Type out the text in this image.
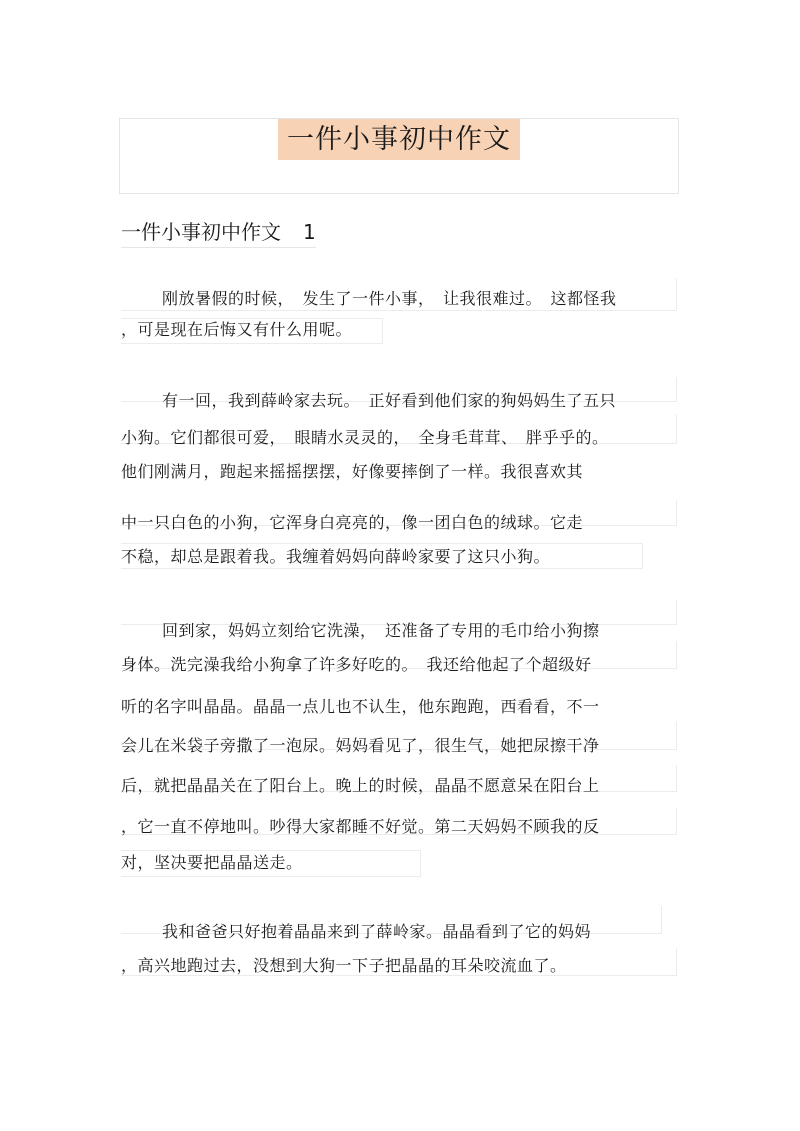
一件小事初中作文
一件小事初中作文 1
刚放暑假的时候，　发生了一件小事，　让我很难过。　这都怪我
，可是现在后悔又有什么用呢。
有一回，我到薛岭家去玩。　正好看到他们家的狗妈妈生了五只
小狗。它们都很可爱，　眼睛水灵灵的，　全身毛茸茸、　胖乎乎的。
他们刚满月，跑起来摇摇摆摆，好像要摔倒了一样。我很喜欢其
中一只白色的小狗，它浑身白亮亮的，像一团白色的绒球。它走
不稳，却总是跟着我。我缠着妈妈向薛岭家要了这只小狗。
回到家，妈妈立刻给它洗澡，　还准备了专用的毛巾给小狗擦
身体。洗完澡我给小狗拿了许多好吃的。　我还给他起了个超级好
听的名字叫晶晶。晶晶一点儿也不认生，他东跑跑，西看看，不一
会儿在米袋子旁撒了一泡尿。妈妈看见了，很生气，她把尿擦干净
后，就把晶晶关在了阳台上。晚上的时候，晶晶不愿意呆在阳台上
，它一直不停地叫。吵得大家都睡不好觉。第二天妈妈不顾我的反
对，坚决要把晶晶送走。
我和爸爸只好抱着晶晶来到了薛岭家。晶晶看到了它的妈妈
，高兴地跑过去，没想到大狗一下子把晶晶的耳朵咬流血了。
